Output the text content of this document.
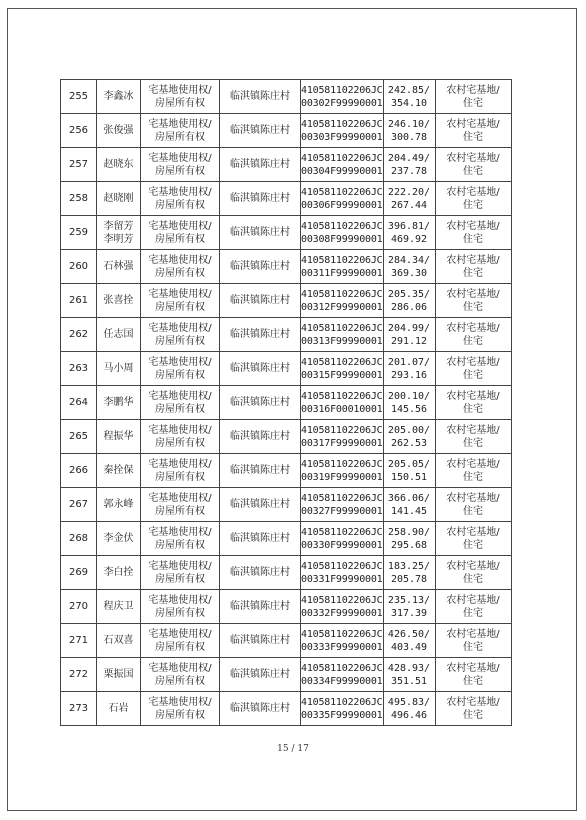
255	李鑫冰	宅基地使用权/
房屋所有权	临淇镇陈庄村	410581102206JC
00302F99990001	242.85/
354.10	农村宅基地/
住宅

256	张俊强	宅基地使用权/
房屋所有权	临淇镇陈庄村	410581102206JC
00303F99990001	246.10/
300.78	农村宅基地/
住宅

257	赵晓东	宅基地使用权/
房屋所有权	临淇镇陈庄村	410581102206JC
00304F99990001	204.49/
237.78	农村宅基地/
住宅

258	赵晓刚	宅基地使用权/
房屋所有权	临淇镇陈庄村	410581102206JC
00306F99990001	222.20/
267.44	农村宅基地/
住宅

259	李留芳
李明芳	宅基地使用权/
房屋所有权	临淇镇陈庄村	410581102206JC
00308F99990001	396.81/
469.92	农村宅基地/
住宅

260	石林强	宅基地使用权/
房屋所有权	临淇镇陈庄村	410581102206JC
00311F99990001	284.34/
369.30	农村宅基地/
住宅

261	张喜拴	宅基地使用权/
房屋所有权	临淇镇陈庄村	410581102206JC
00312F99990001	205.35/
286.06	农村宅基地/
住宅

262	任志国	宅基地使用权/
房屋所有权	临淇镇陈庄村	410581102206JC
00313F99990001	204.99/
291.12	农村宅基地/
住宅

263	马小周	宅基地使用权/
房屋所有权	临淇镇陈庄村	410581102206JC
00315F99990001	201.07/
293.16	农村宅基地/
住宅

264	李鹏华	宅基地使用权/
房屋所有权	临淇镇陈庄村	410581102206JC
00316F00010001	200.10/
145.56	农村宅基地/
住宅

265	程振华	宅基地使用权/
房屋所有权	临淇镇陈庄村	410581102206JC
00317F99990001	205.00/
262.53	农村宅基地/
住宅

266	秦拴保	宅基地使用权/
房屋所有权	临淇镇陈庄村	410581102206JC
00319F99990001	205.05/
150.51	农村宅基地/
住宅

267	郭永峰	宅基地使用权/
房屋所有权	临淇镇陈庄村	410581102206JC
00327F99990001	366.06/
141.45	农村宅基地/
住宅

268	李金伏	宅基地使用权/
房屋所有权	临淇镇陈庄村	410581102206JC
00330F99990001	258.90/
295.68	农村宅基地/
住宅

269	李白拴	宅基地使用权/
房屋所有权	临淇镇陈庄村	410581102206JC
00331F99990001	183.25/
205.78	农村宅基地/
住宅

270	程庆卫	宅基地使用权/
房屋所有权	临淇镇陈庄村	410581102206JC
00332F99990001	235.13/
317.39	农村宅基地/
住宅

271	石双喜	宅基地使用权/
房屋所有权	临淇镇陈庄村	410581102206JC
00333F99990001	426.50/
403.49	农村宅基地/
住宅

272	栗振国	宅基地使用权/
房屋所有权	临淇镇陈庄村	410581102206JC
00334F99990001	428.93/
351.51	农村宅基地/
住宅

273	石岩	宅基地使用权/
房屋所有权	临淇镇陈庄村	410581102206JC
00335F99990001	495.83/
496.46	农村宅基地/
住宅
15 / 17
